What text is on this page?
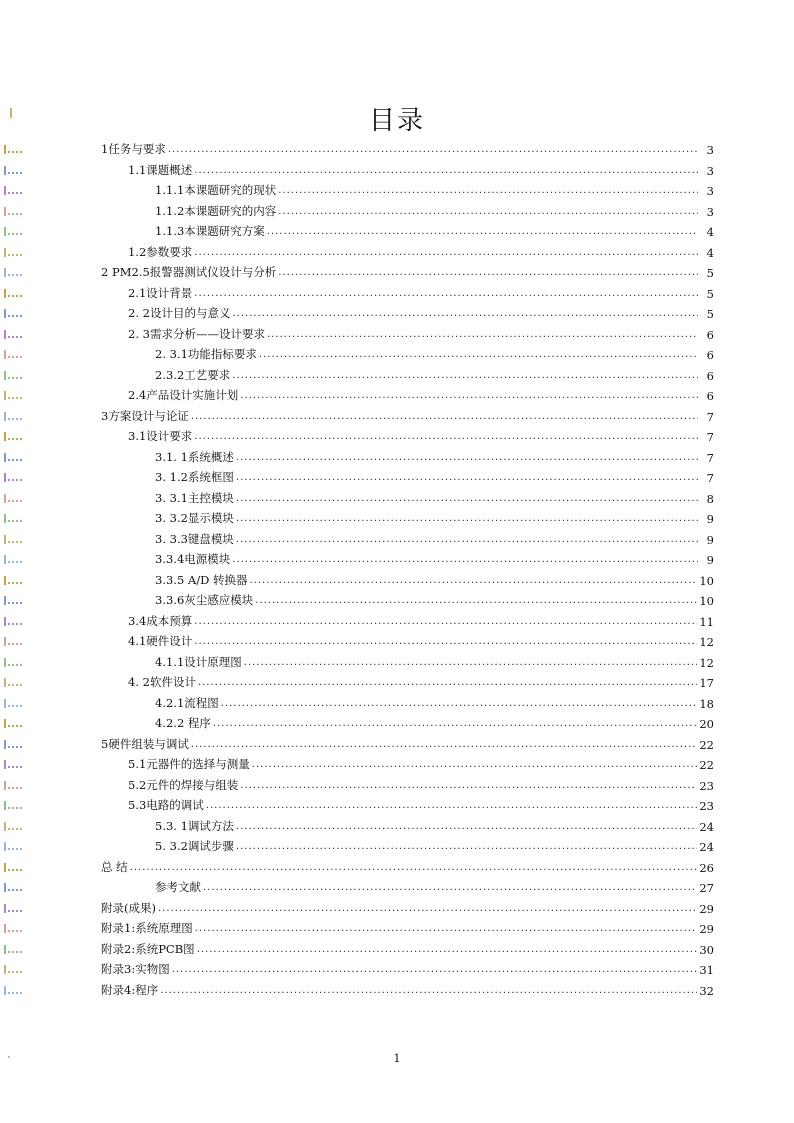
目录
1任务与要求 .....	3
1.1课题概述 .....	3
1.1.1本课题研究的现状 .....	3
1.1.2本课题研究的内容 .....	3
1.1.3本课题研究方案 .....	4
1.2参数要求 .....	4
2 PM2.5报警器测试仪设计与分析 .....	5
2.1设计背景 .....	5
2. 2设计目的与意义 .....	5
2. 3需求分析——设计要求 .....	6
2. 3.1功能指标要求 .....	6
2.3.2工艺要求 .....	6
2.4产品设计实施计划 .....	6
3方案设计与论证 .....	7
3.1设计要求 .....	7
3.1. 1系统概述 .....	7
3. 1.2系统框图 .....	7
3. 3.1主控模块 .....	8
3. 3.2显示模块 .....	9
3. 3.3键盘模块 .....	9
3.3.4电源模块 .....	9
3.3.5 A/D 转换器 .....	10
3.3.6灰尘感应模块 .....	10
3.4成本预算 .....	11
4.1硬件设计 .....	12
4.1.1设计原理图 .....	12
4. 2软件设计 .....	17
4.2.1流程图 .....	18
4.2.2 程序 .....	20
5硬件组装与调试 .....	22
5.1元器件的选择与测量 .....	22
5.2元件的焊接与组装 .....	23
5.3电路的调试 .....	23
5.3. 1调试方法 .....	24
5. 3.2调试步骤 .....	24
总 结 .....	26
参考文献 .....	27
附录(成果) .....	29
附录1:系统原理图 .....	29
附录2:系统PCB图 .....	30
附录3:实物图 .....	31
附录4:程序 .....	32
1
